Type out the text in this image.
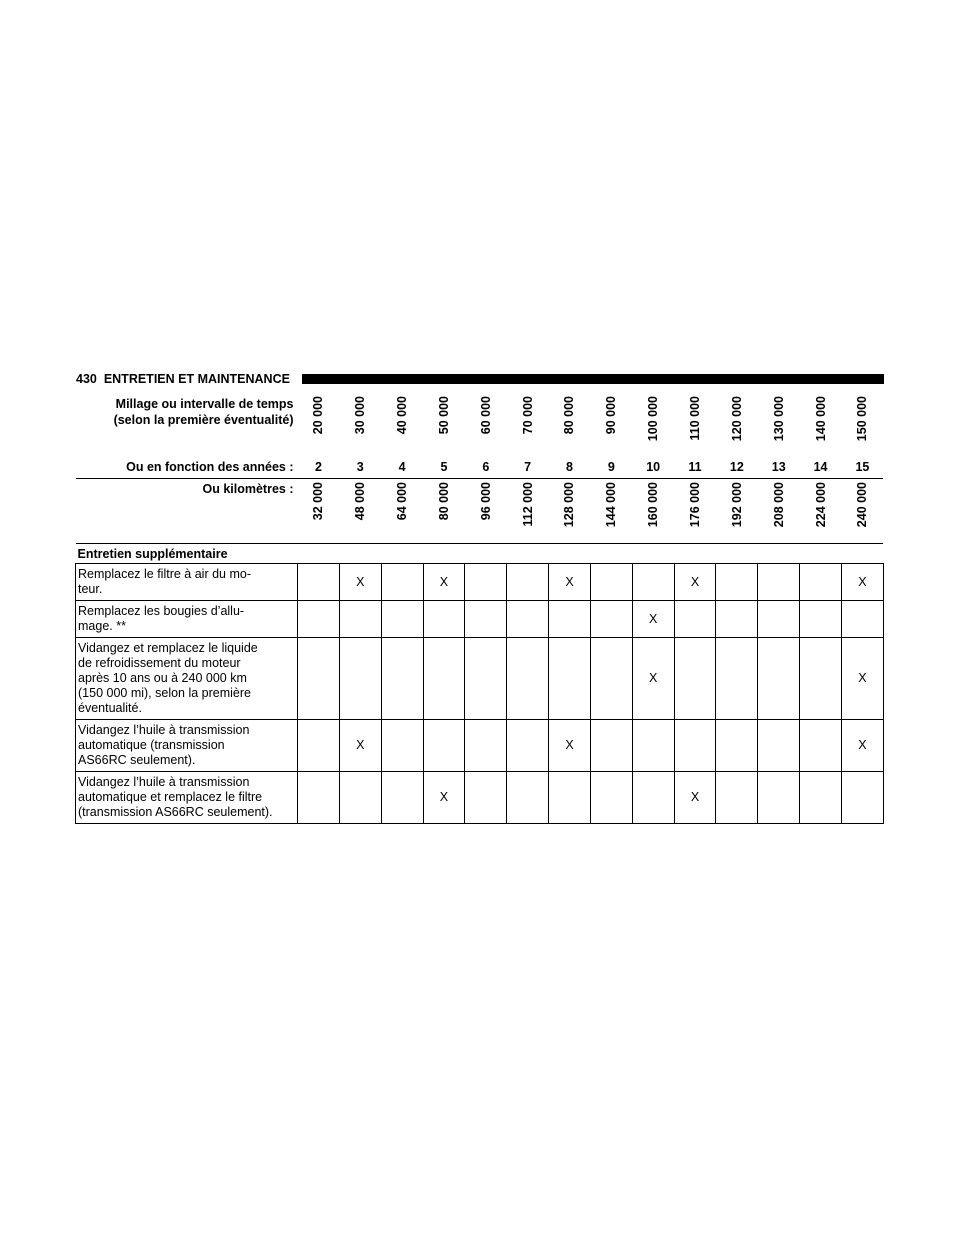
430 ENTRETIEN ET MAINTENANCE
Millage ou intervalle de temps
(selon la première éventualité)	20 000	30 000	40 000	50 000	60 000	70 000	80 000	90 000	100 000	110 000	120 000	130 000	140 000	150 000

Ou en fonction des années :	2	3	4	5	6	7	8	9	10	11	12	13	14	15
Ou kilomètres :	32 000	48 000	64 000	80 000	96 000	112 000	128 000	144 000	160 000	176 000	192 000	208 000	224 000	240 000

Entretien supplémentaire														

Remplacez le filtre à air du mo-
teur.		X		X			X			X				X

Remplacez les bougies d’allu-
mage. **									X					

Vidangez et remplacez le liquide
de refroidissement du moteur
après 10 ans ou à 240 000 km
(150 000 mi), selon la première
éventualité.									X					X

Vidangez l’huile à transmission
automatique (transmission
AS66RC seulement).		X					X							X

Vidangez l’huile à transmission
automatique et remplacez le filtre
(transmission AS66RC seulement).				X						X				
